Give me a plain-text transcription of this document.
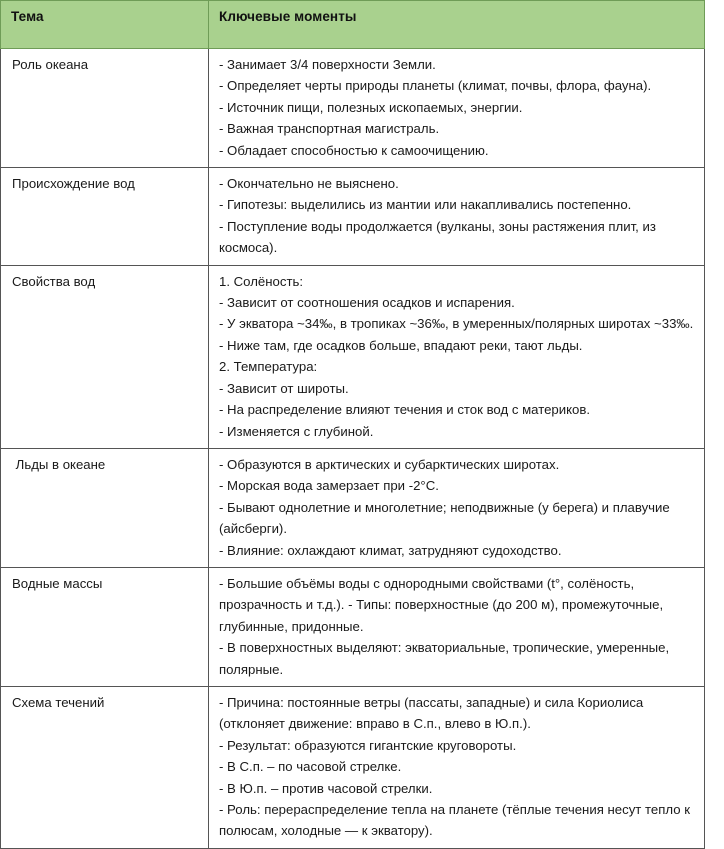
Тема	Ключевые моменты
Роль океана	- Занимает 3/4 поверхности Земли.
- Определяет черты природы планеты (климат, почвы, флора, фауна).
- Источник пищи, полезных ископаемых, энергии.
- Важная транспортная магистраль.
- Обладает способностью к самоочищению.

Происхождение вод	- Окончательно не выяснено.
- Гипотезы: выделились из мантии или накапливались постепенно.
- Поступление воды продолжается (вулканы, зоны растяжения плит, из космоса).

Свойства вод	1. Солёность:
- Зависит от соотношения осадков и испарения.
- У экватора ~34‰, в тропиках ~36‰, в умеренных/полярных широтах ~33‰.
- Ниже там, где осадков больше, впадают реки, тают льды.
2. Температура:
- Зависит от широты.
- На распределение влияют течения и сток вод с материков.
- Изменяется с глубиной.

Льды в океане	- Образуются в арктических и субарктических широтах.
- Морская вода замерзает при -2°C.
- Бывают однолетние и многолетние; неподвижные (у берега) и плавучие (айсберги).
- Влияние: охлаждают климат, затрудняют судоходство.

Водные массы	- Большие объёмы воды с однородными свойствами (t°, солёность, прозрачность и т.д.). - Типы: поверхностные (до 200 м), промежуточные, глубинные, придонные.
- В поверхностных выделяют: экваториальные, тропические, умеренные, полярные.

Схема течений	- Причина: постоянные ветры (пассаты, западные) и сила Кориолиса (отклоняет движение: вправо в С.п., влево в Ю.п.).
- Результат: образуются гигантские круговороты.
- В С.п. – по часовой стрелке.
- В Ю.п. – против часовой стрелки.
- Роль: перераспределение тепла на планете (тёплые течения несут тепло к полюсам, холодные — к экватору).
